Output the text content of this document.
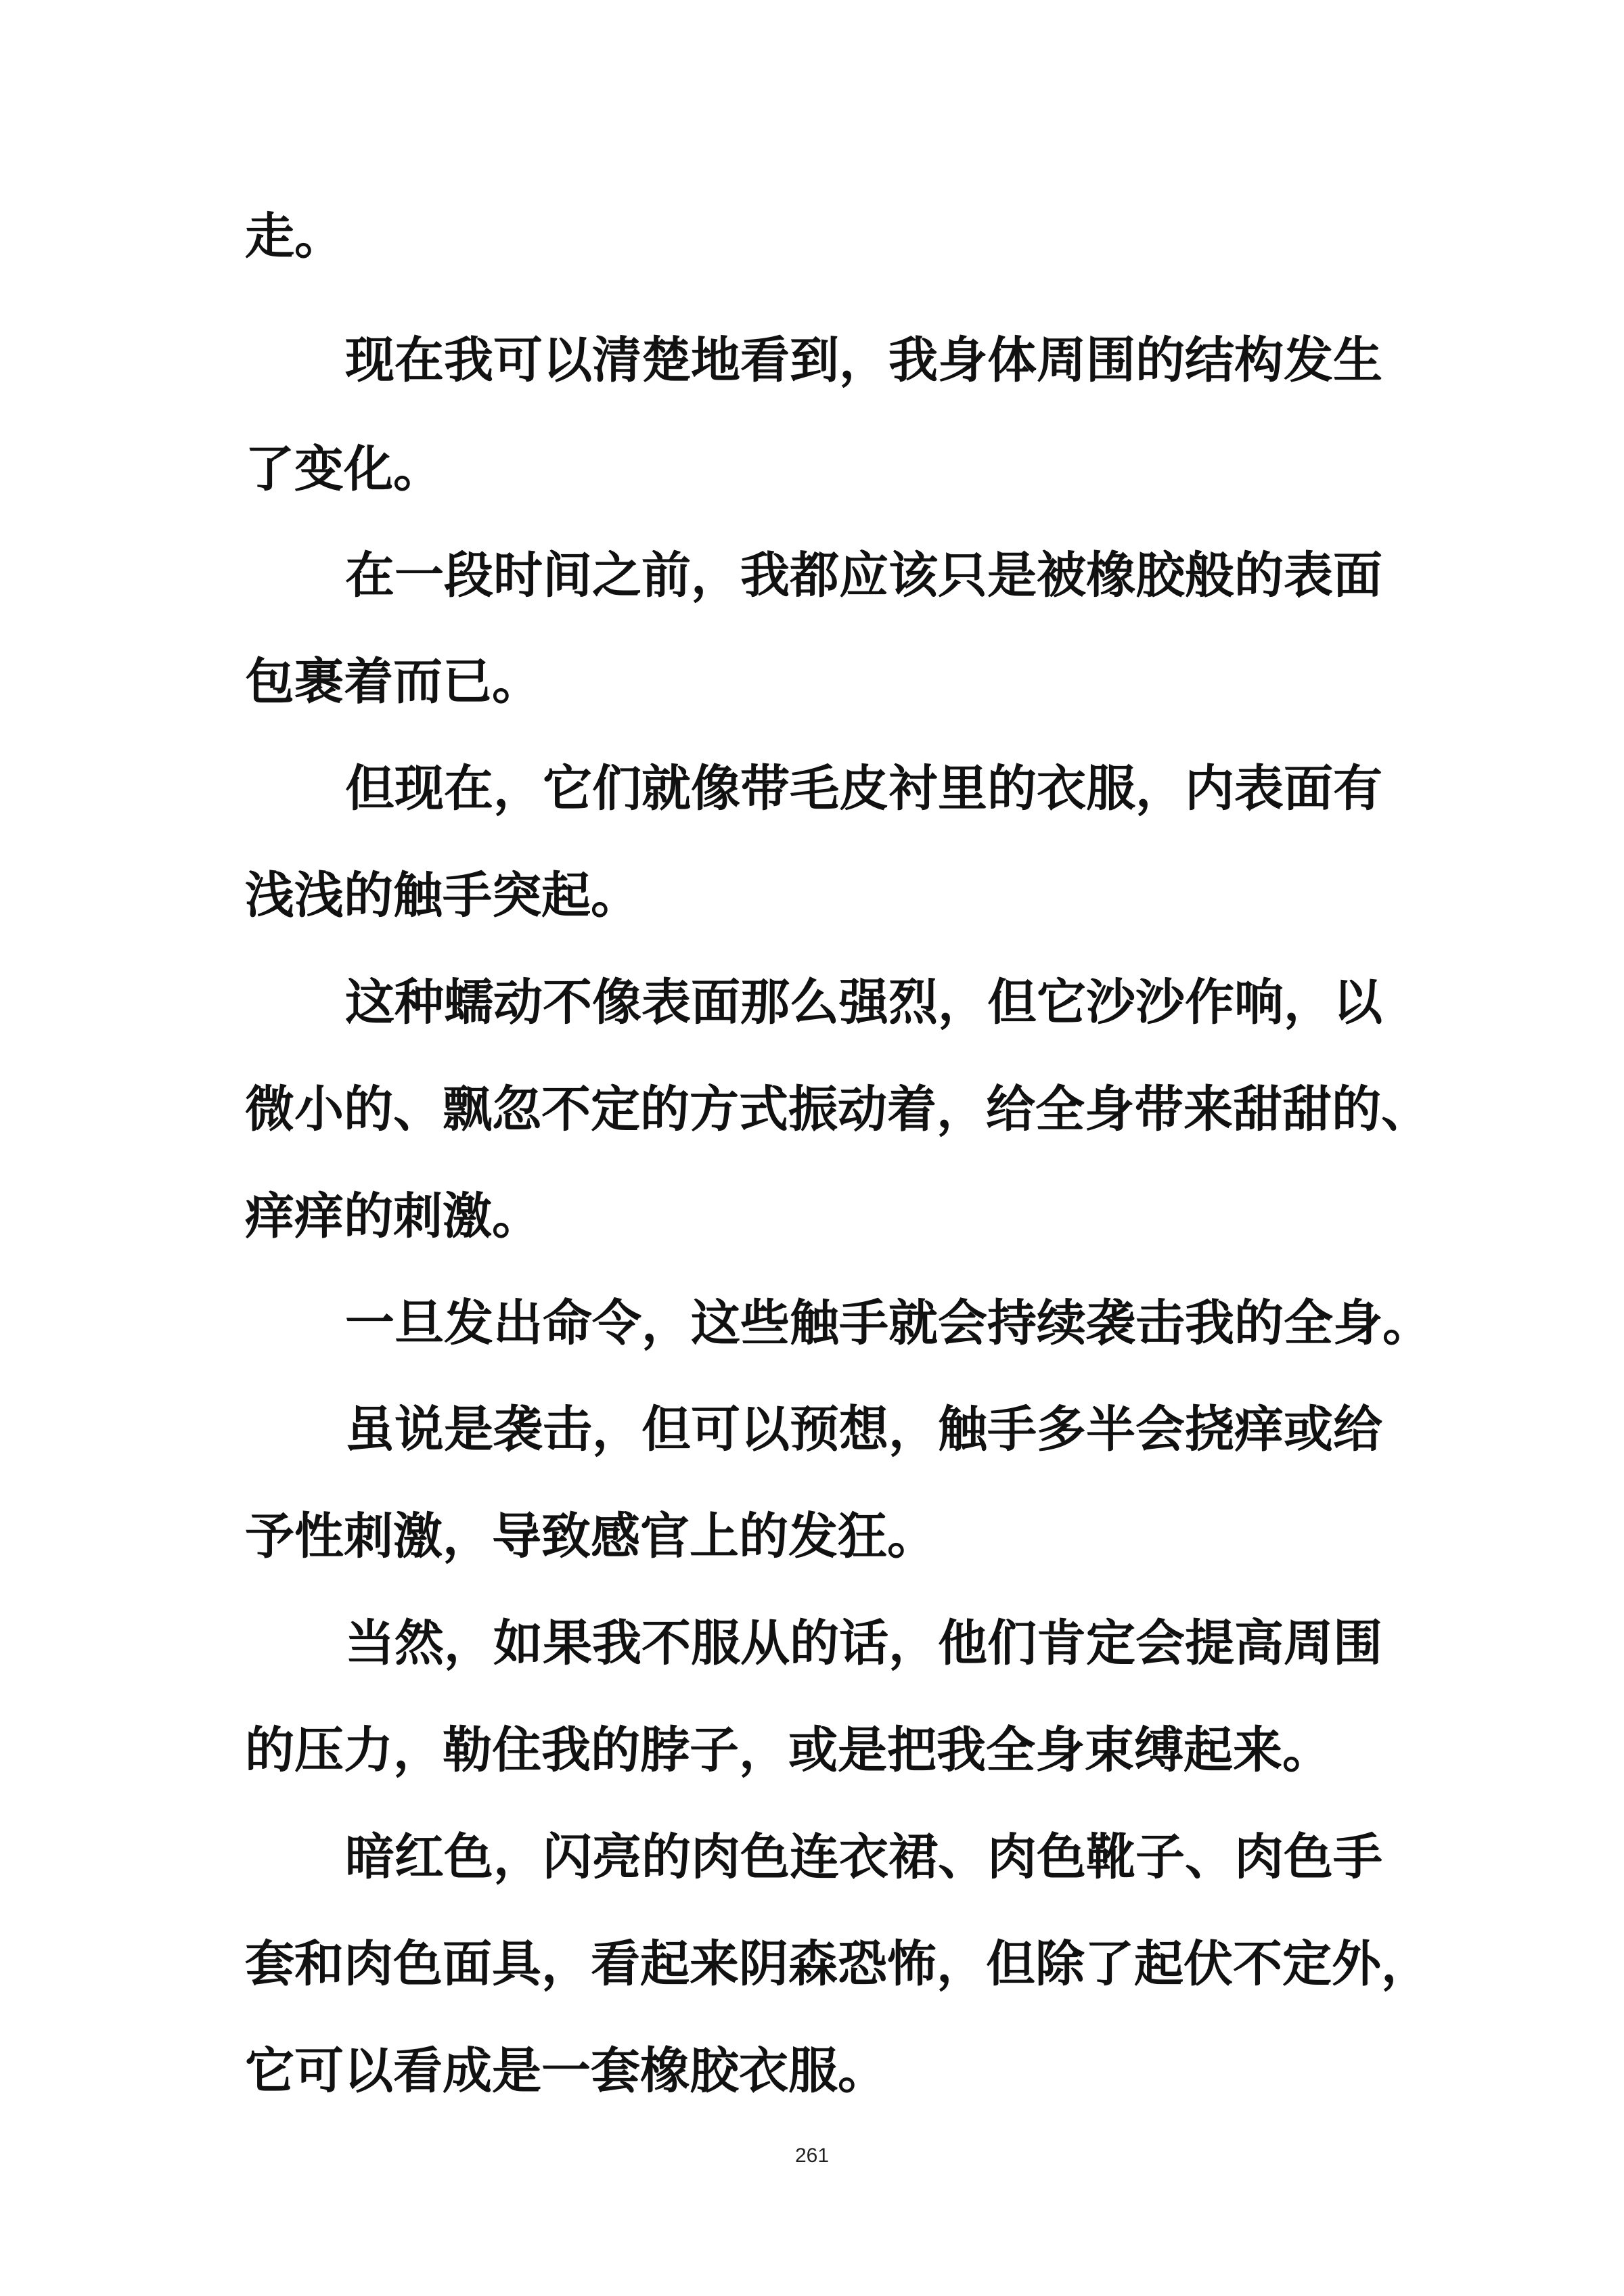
走。
现在我可以清楚地看到，我身体周围的结构发生
了变化。
在一段时间之前，我都应该只是被橡胶般的表面
包裹着而已。
但现在，它们就像带毛皮衬里的衣服，内表面有
浅浅的触手突起。
这种蠕动不像表面那么强烈，但它沙沙作响，以
微小的、飘忽不定的方式振动着，给全身带来甜甜的、
痒痒的刺激。
一旦发出命令，这些触手就会持续袭击我的全身。
虽说是袭击，但可以预想，触手多半会挠痒或给
予性刺激，导致感官上的发狂。
当然，如果我不服从的话，他们肯定会提高周围
的压力，勒住我的脖子，或是把我全身束缚起来。
暗红色，闪亮的肉色连衣裙、肉色靴子、肉色手
套和肉色面具，看起来阴森恐怖，但除了起伏不定外，
它可以看成是一套橡胶衣服。
261
